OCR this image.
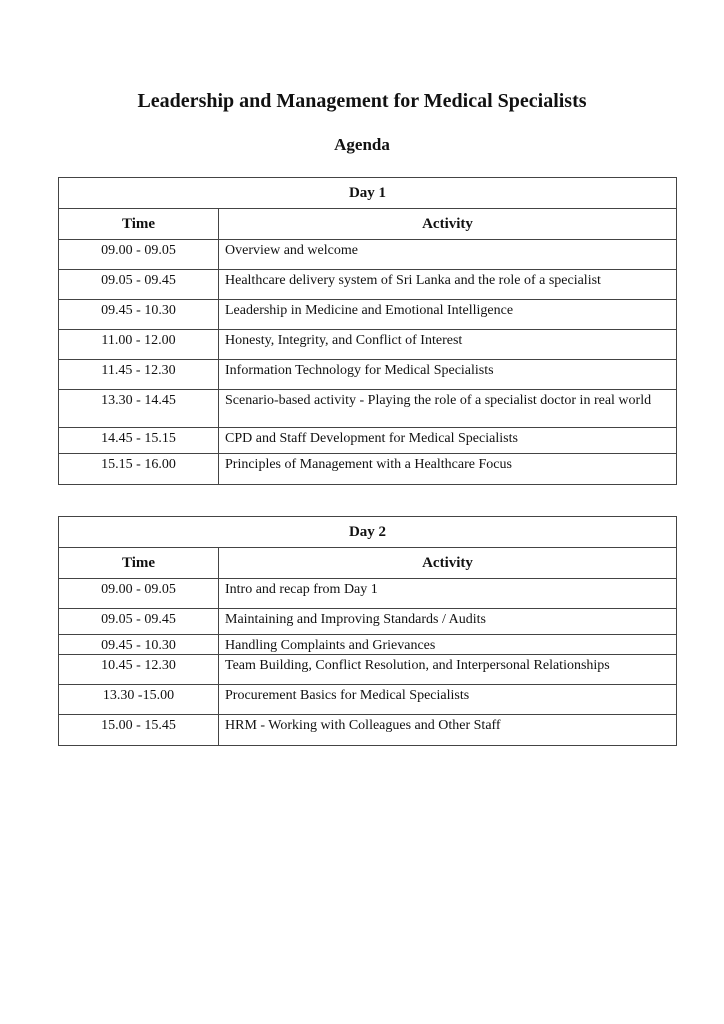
Leadership and Management for Medical Specialists
Agenda
Day 1	
Time	Activity
09.00 - 09.05	Overview and welcome
09.05 - 09.45	Healthcare delivery system of Sri Lanka and the role of a specialist
09.45 - 10.30	Leadership in Medicine and Emotional Intelligence
11.00 - 12.00	Honesty, Integrity, and Conflict of Interest
11.45 - 12.30	Information Technology for Medical Specialists
13.30 - 14.45	Scenario-based activity - Playing the role of a specialist doctor in real world
14.45 - 15.15	CPD and Staff Development for Medical Specialists
15.15 - 16.00	Principles of Management with a Healthcare Focus
Day 2	
Time	Activity
09.00 - 09.05	Intro and recap from Day 1
09.05 - 09.45	Maintaining and Improving Standards / Audits
09.45 - 10.30	Handling Complaints and Grievances
10.45 - 12.30	Team Building, Conflict Resolution, and Interpersonal Relationships
13.30 -15.00	Procurement Basics for Medical Specialists
15.00 - 15.45	HRM - Working with Colleagues and Other Staff
